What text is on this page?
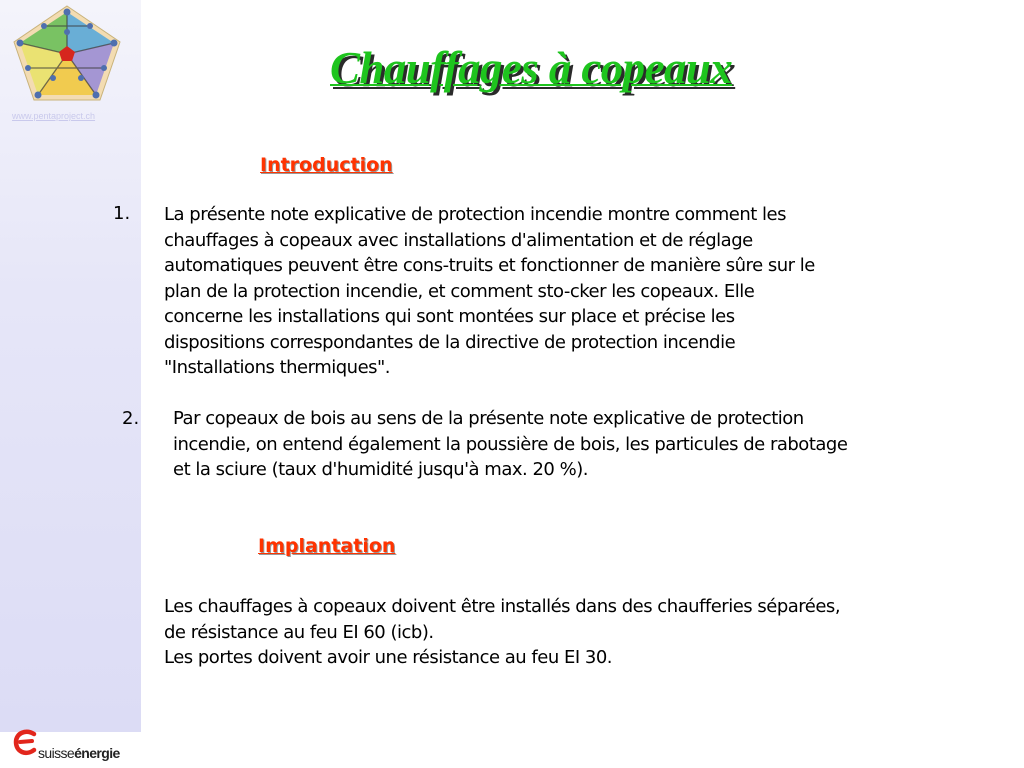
www.pentaproject.ch
suisseénergie
Chauffages à copeaux
Introduction
1. La présente note explicative de protection incendie montre comment les
chauffages à copeaux avec installations d'alimentation et de réglage
automatiques peuvent être cons-truits et fonctionner de manière sûre sur le
plan de la protection incendie, et comment sto-cker les copeaux. Elle
concerne les installations qui sont montées sur place et précise les
dispositions correspondantes de la directive de protection incendie
"Installations thermiques".
2. Par copeaux de bois au sens de la présente note explicative de protection
incendie, on entend également la poussière de bois, les particules de rabotage
et la sciure (taux d'humidité jusqu'à max. 20 %).
Implantation
Les chauffages à copeaux doivent être installés dans des chaufferies séparées,
de résistance au feu EI 60 (icb).
Les portes doivent avoir une résistance au feu EI 30.
